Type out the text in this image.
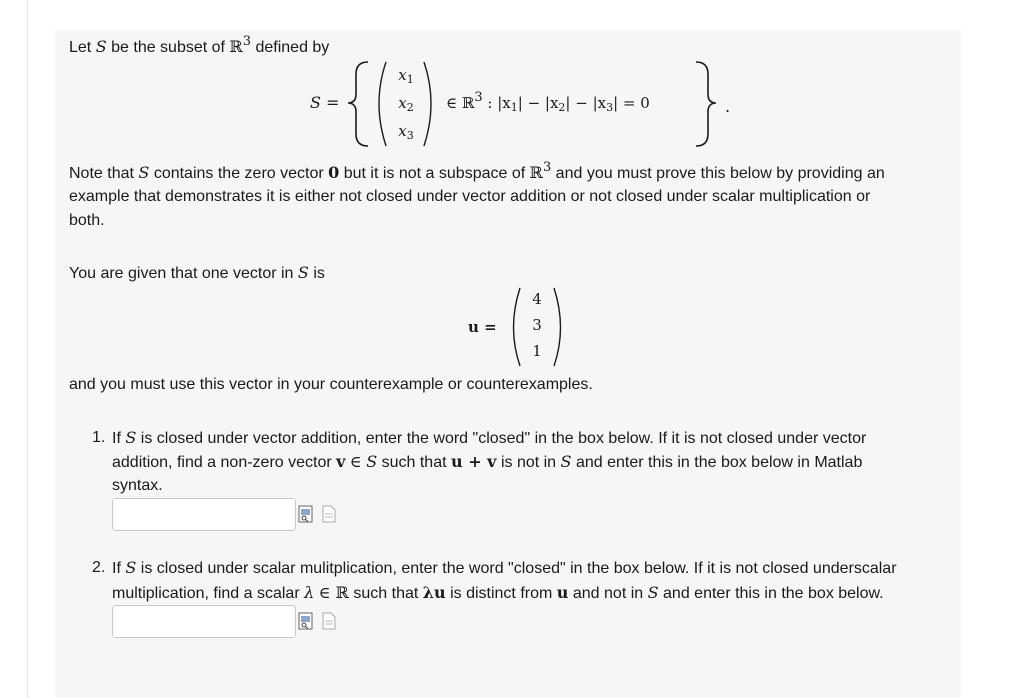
Let S be the subset of ℝ$^3$ defined by
S =
$x_1$
$x_2$
$x_3$
∈ ℝ3 : $|x_1| - |x_2| - |x_3| = 0$	.
Note that S contains the zero vector 0 but it is not a subspace of ℝ$^3$ and you must prove this below by providing an
example that demonstrates it is either not closed under vector addition or not closed under scalar multiplication or
both.
You are given that one vector in S is
u =
4
3
1
and you must use this vector in your counterexample or counterexamples.
1. If S is closed under vector addition, enter the word "closed" in the box below. If it is not closed under vector
addition, find a non-zero vector v ∈ S such that u + v is not in S and enter this in the box below in Matlab
syntax.
2. If S is closed under scalar mulitplication, enter the word "closed" in the box below. If it is not closed underscalar
multiplication, find a scalar λ ∈ ℝ such that λu is distinct from u and not in S and enter this in the box below.
